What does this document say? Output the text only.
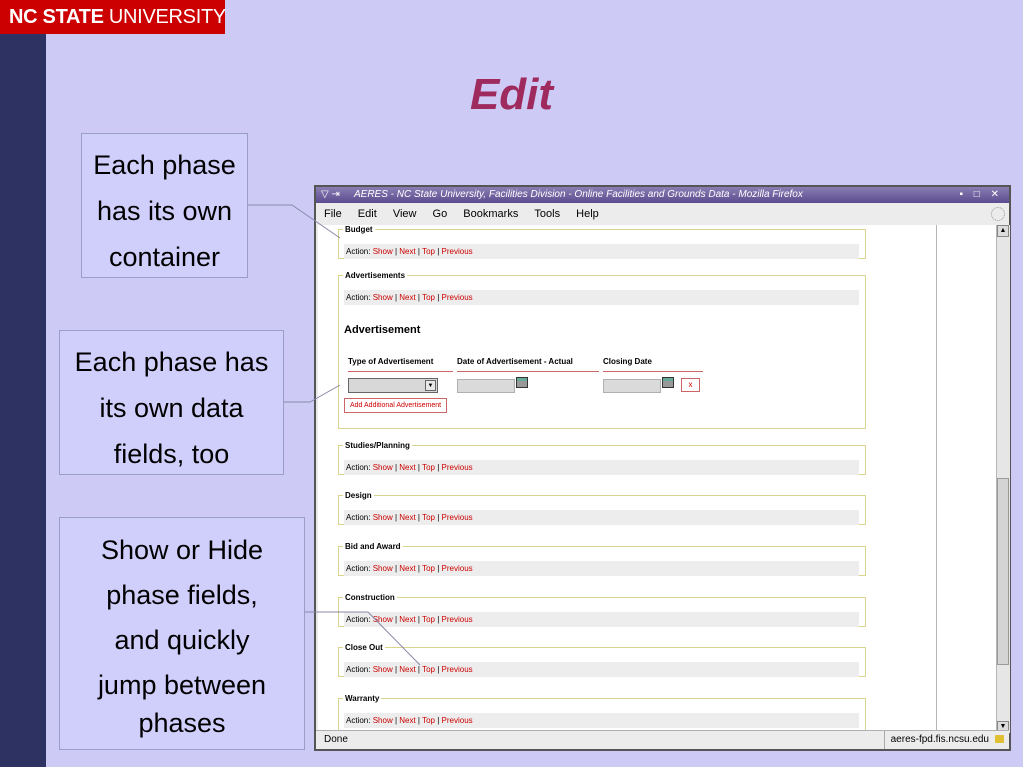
NC STATE UNIVERSITY
Edit
Each phase
has its own
container
Each phase has
its own data
fields, too
Show or Hide
phase fields,
and quickly
jump between
phases
▽ ⇥ AERES - NC State University, Facilities Division - Online Facilities and Grounds Data - Mozilla Firefox	▪ □ ✕
File Edit View Go Bookmarks Tools Help
Budget
Action: Show | Next | Top | Previous
Advertisements
Action: Show | Next | Top | Previous
Advertisement
Type of Advertisement	Date of Advertisement - Actual	Closing Date
▼	x
Add Additional Advertisement
Studies/Planning
Action: Show | Next | Top | Previous
Design
Action: Show | Next | Top | Previous
Bid and Award
Action: Show | Next | Top | Previous
Construction
Action: Show | Next | Top | Previous
Close Out
Action: Show | Next | Top | Previous
Warranty
Action: Show | Next | Top | Previous
▲
▼
Done	aeres-fpd.fis.ncsu.edu
